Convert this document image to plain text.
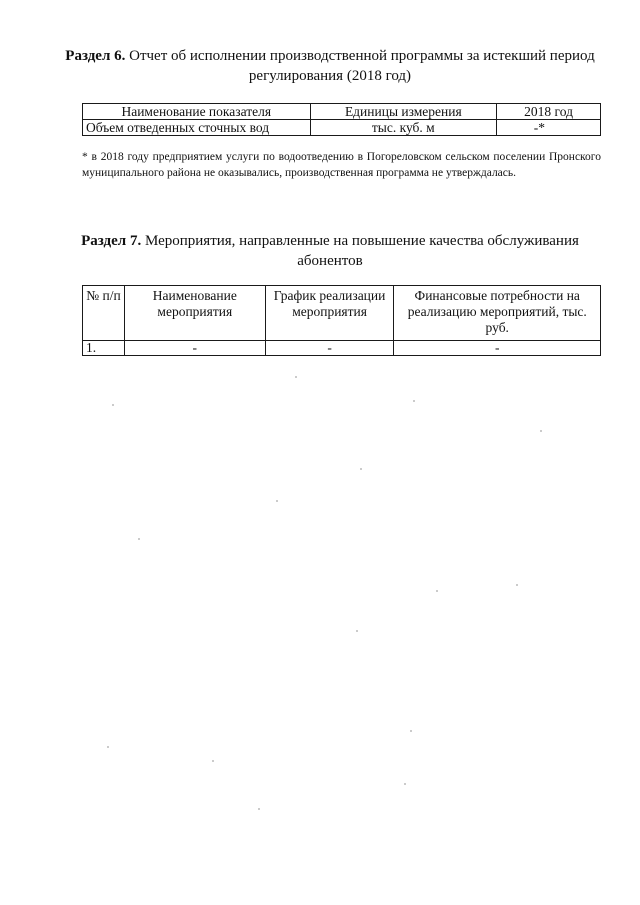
Раздел 6. Отчет об исполнении производственной программы за истекший период регулирования (2018 год)
Наименование показателя	Единицы измерения	2018 год
Объем отведенных сточных вод	тыс. куб. м	-*
* в 2018 году предприятием услуги по водоотведению в Погореловском сельском поселении Пронского муниципального района не оказывались, производственная программа не утверждалась.
Раздел 7. Мероприятия, направленные на повышение качества обслуживания абонентов
№ п/п	Наименование мероприятия	График реализации мероприятия	Финансовые потребности на реализацию мероприятий, тыс. руб.
1.	-	-	-
